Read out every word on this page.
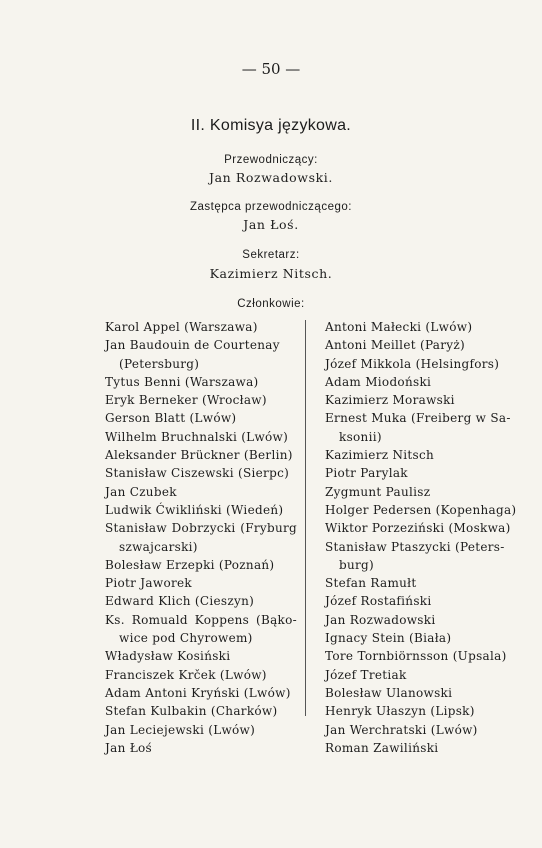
— 50 —
II. Komisya językowa.
Przewodniczący:
Jan Rozwadowski.
Zastępca przewodniczącego:
Jan Łoś.
Sekretarz:
Kazimierz Nitsch.
Członkowie:
Karol Appel (Warszawa)
Jan Baudouin de Courtenay
(Petersburg)
Tytus Benni (Warszawa)
Eryk Berneker (Wrocław)
Gerson Blatt (Lwów)
Wilhelm Bruchnalski (Lwów)
Aleksander Brückner (Berlin)
Stanisław Ciszewski (Sierpc)
Jan Czubek
Ludwik Ćwikliński (Wiedeń)
Stanisław Dobrzycki (Fryburg
szwajcarski)
Bolesław Erzepki (Poznań)
Piotr Jaworek
Edward Klich (Cieszyn)
Ks. Romuald Koppens (Bąko-
wice pod Chyrowem)
Władysław Kosiński
Franciszek Krček (Lwów)
Adam Antoni Kryński (Lwów)
Stefan Kulbakin (Charków)
Jan Leciejewski (Lwów)
Jan Łoś
Antoni Małecki (Lwów)
Antoni Meillet (Paryż)
Józef Mikkola (Helsingfors)
Adam Miodoński
Kazimierz Morawski
Ernest Muka (Freiberg w Sa-
ksonii)
Kazimierz Nitsch
Piotr Parylak
Zygmunt Paulisz
Holger Pedersen (Kopenhaga)
Wiktor Porzeziński (Moskwa)
Stanisław Ptaszycki (Peters-
burg)
Stefan Ramułt
Józef Rostafiński
Jan Rozwadowski
Ignacy Stein (Biała)
Tore Tornbiörnsson (Upsala)
Józef Tretiak
Bolesław Ulanowski
Henryk Ułaszyn (Lipsk)
Jan Werchratski (Lwów)
Roman Zawiliński
